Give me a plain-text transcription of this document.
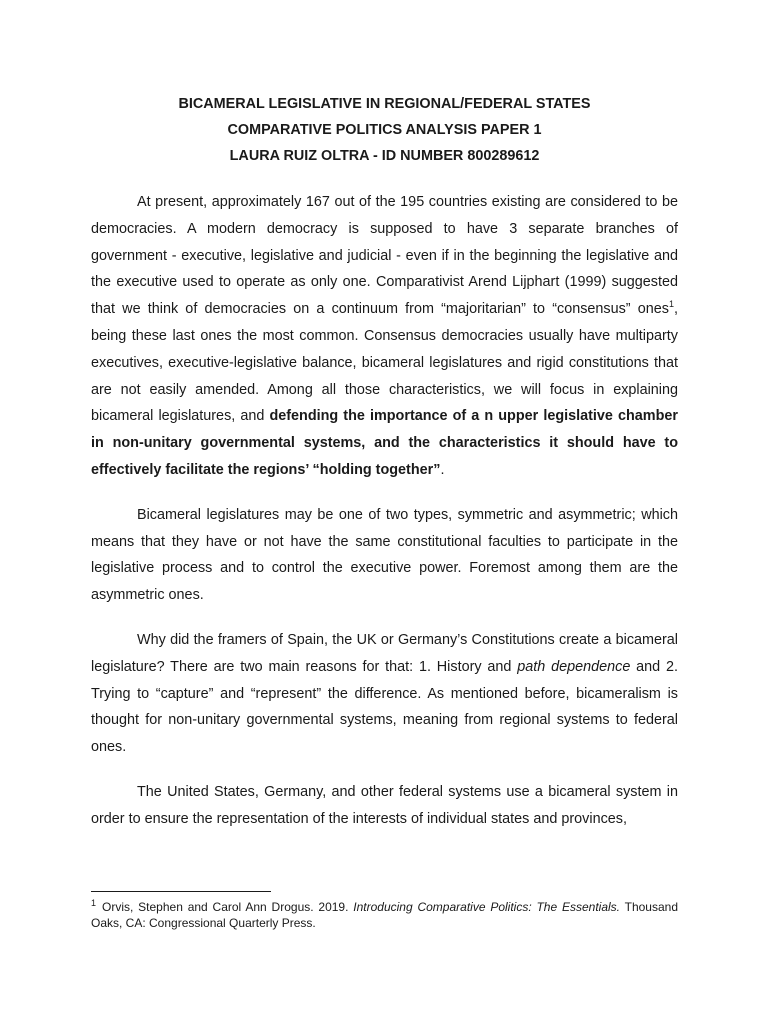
BICAMERAL LEGISLATIVE IN REGIONAL/FEDERAL STATES

COMPARATIVE POLITICS ANALYSIS PAPER 1

LAURA RUIZ OLTRA - ID NUMBER 800289612

At present, approximately 167 out of the 195 countries existing are considered to be democracies. A modern democracy is supposed to have 3 separate branches of government - executive, legislative and judicial - even if in the beginning the legislative and the executive used to operate as only one. Comparativist Arend Lijphart (1999) suggested that we think of democracies on a continuum from “majoritarian” to “consensus” ones$^1$, being these last ones the most common. Consensus democracies usually have multiparty executives, executive-legislative balance, bicameral legislatures and rigid constitutions that are not easily amended. Among all those characteristics, we will focus in explaining bicameral legislatures, and defending the importance of a n upper legislative chamber in non-unitary governmental systems, and the characteristics it should have to effectively facilitate the regions’ “holding together”.

Bicameral legislatures may be one of two types, symmetric and asymmetric; which means that they have or not have the same constitutional faculties to participate in the legislative process and to control the executive power. Foremost among them are the asymmetric ones.

Why did the framers of Spain, the UK or Germany’s Constitutions create a bicameral legislature? There are two main reasons for that: 1. History and path dependence and 2. Trying to “capture” and “represent” the difference. As mentioned before, bicameralism is thought for non-unitary governmental systems, meaning from regional systems to federal ones.

The United States, Germany, and other federal systems use a bicameral system in order to ensure the representation of the interests of individual states and provinces,

$^1$ Orvis, Stephen and Carol Ann Drogus. 2019. Introducing Comparative Politics: The Essentials. Thousand Oaks, CA: Congressional Quarterly Press.
